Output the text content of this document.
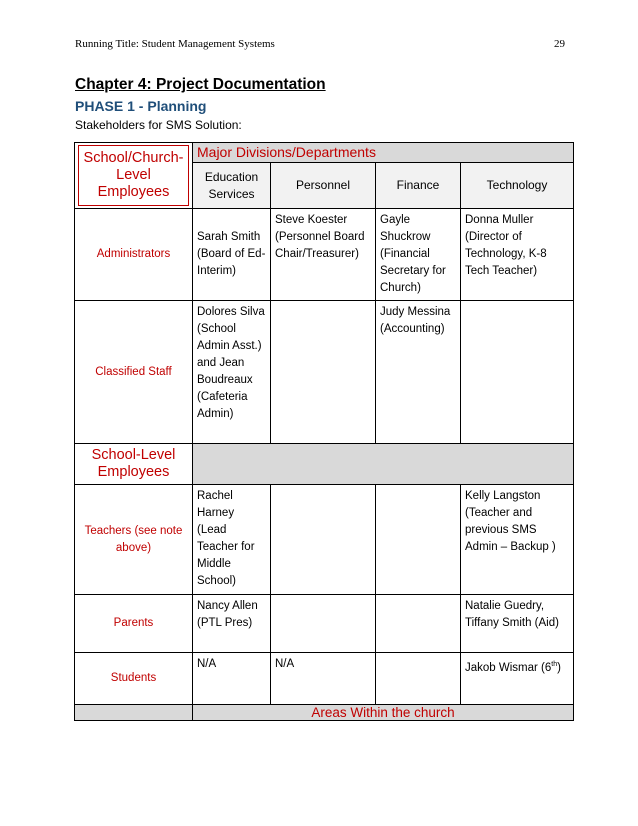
Running Title: Student Management Systems	29
Chapter 4: Project Documentation
PHASE 1 - Planning
Stakeholders for SMS Solution:
School/Church-Level Employees	Major Divisions/Departments			
	Education Services	Personnel	Finance	Technology
Administrators	Sarah Smith (Board of Ed-Interim)	Steve Koester (Personnel Board Chair/Treasurer)	Gayle Shuckrow (Financial Secretary for Church)	Donna Muller (Director of Technology, K-8 Tech Teacher)
Classified Staff	Dolores Silva (School Admin Asst.) and Jean Boudreaux (Cafeteria Admin)		Judy Messina (Accounting)	
School-Level Employees				
Teachers (see note above)	Rachel Harney (Lead Teacher for Middle School)			Kelly Langston (Teacher and previous SMS Admin – Backup )
Parents	Nancy Allen (PTL Pres)			Natalie Guedry, Tiffany Smith (Aid)
Students	N/A	N/A		Jakob Wismar (6th)
	Areas Within the church			
